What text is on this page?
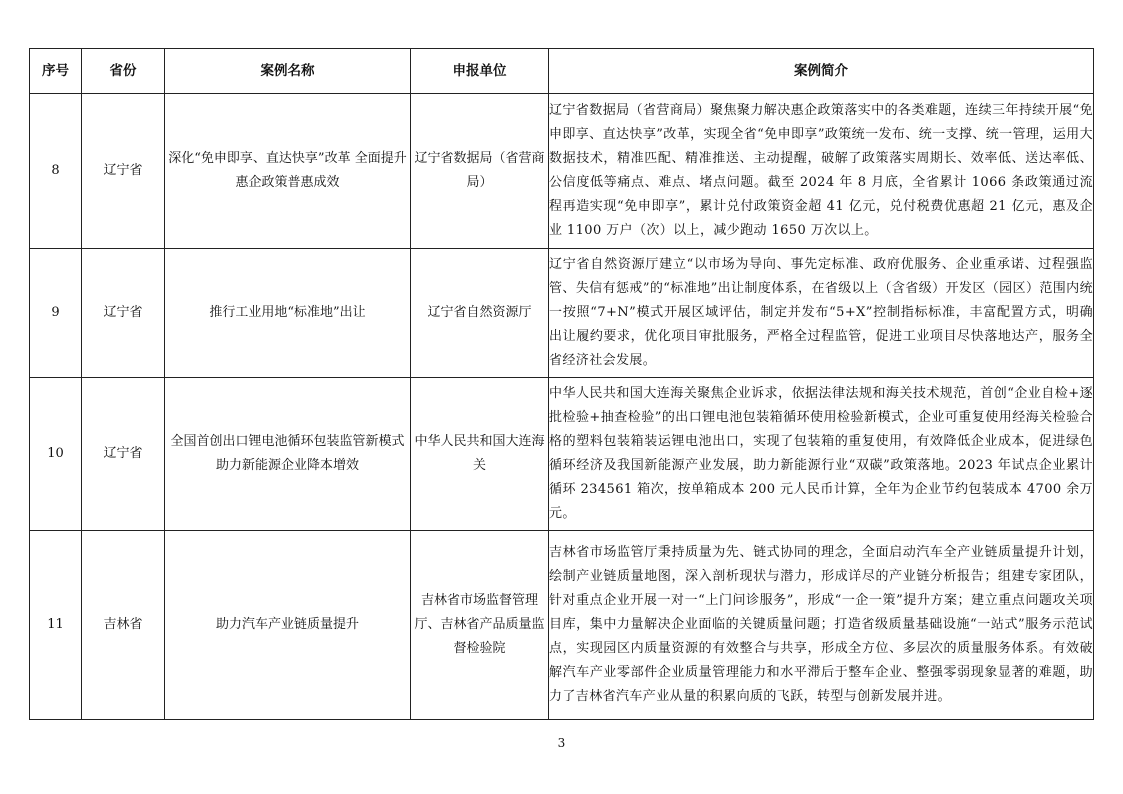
序号	省份	案例名称	申报单位	案例简介
8	辽宁省	深化“免申即享、直达快享”改革 全面提升惠企政策普惠成效	辽宁省数据局（省营商局）	辽宁省数据局（省营商局）聚焦聚力解决惠企政策落实中的各类难题，连续三年持续开展“免申即享、直达快享”改革，实现全省“免申即享”政策统一发布、统一支撑、统一管理，运用大数据技术，精准匹配、精准推送、主动提醒，破解了政策落实周期长、效率低、送达率低、公信度低等痛点、难点、堵点问题。截至 2024 年 8 月底，全省累计 1066 条政策通过流程再造实现“免申即享”，累计兑付政策资金超 41 亿元，兑付税费优惠超 21 亿元，惠及企业 1100 万户（次）以上，减少跑动 1650 万次以上。
9	辽宁省	推行工业用地“标准地”出让	辽宁省自然资源厅	辽宁省自然资源厅建立“以市场为导向、事先定标准、政府优服务、企业重承诺、过程强监管、失信有惩戒”的“标准地”出让制度体系，在省级以上（含省级）开发区（园区）范围内统一按照“7+N”模式开展区域评估，制定并发布“5+X”控制指标标准，丰富配置方式，明确出让履约要求，优化项目审批服务，严格全过程监管，促进工业项目尽快落地达产，服务全省经济社会发展。
10	辽宁省	全国首创出口锂电池循环包装监管新模式 助力新能源企业降本增效	中华人民共和国大连海关	中华人民共和国大连海关聚焦企业诉求，依据法律法规和海关技术规范，首创“企业自检+逐批检验+抽查检验”的出口锂电池包装箱循环使用检验新模式，企业可重复使用经海关检验合格的塑料包装箱装运锂电池出口，实现了包装箱的重复使用，有效降低企业成本，促进绿色循环经济及我国新能源产业发展，助力新能源行业“双碳”政策落地。2023 年试点企业累计循环 234561 箱次，按单箱成本 200 元人民币计算，全年为企业节约包装成本 4700 余万元。
11	吉林省	助力汽车产业链质量提升	吉林省市场监督管理厅、吉林省产品质量监督检验院	吉林省市场监管厅秉持质量为先、链式协同的理念，全面启动汽车全产业链质量提升计划，绘制产业链质量地图，深入剖析现状与潜力，形成详尽的产业链分析报告；组建专家团队，针对重点企业开展一对一“上门问诊服务”，形成“一企一策”提升方案；建立重点问题攻关项目库，集中力量解决企业面临的关键质量问题；打造省级质量基础设施“一站式”服务示范试点，实现园区内质量资源的有效整合与共享，形成全方位、多层次的质量服务体系。有效破解汽车产业零部件企业质量管理能力和水平滞后于整车企业、整强零弱现象显著的难题，助力了吉林省汽车产业从量的积累向质的飞跃，转型与创新发展并进。
3
